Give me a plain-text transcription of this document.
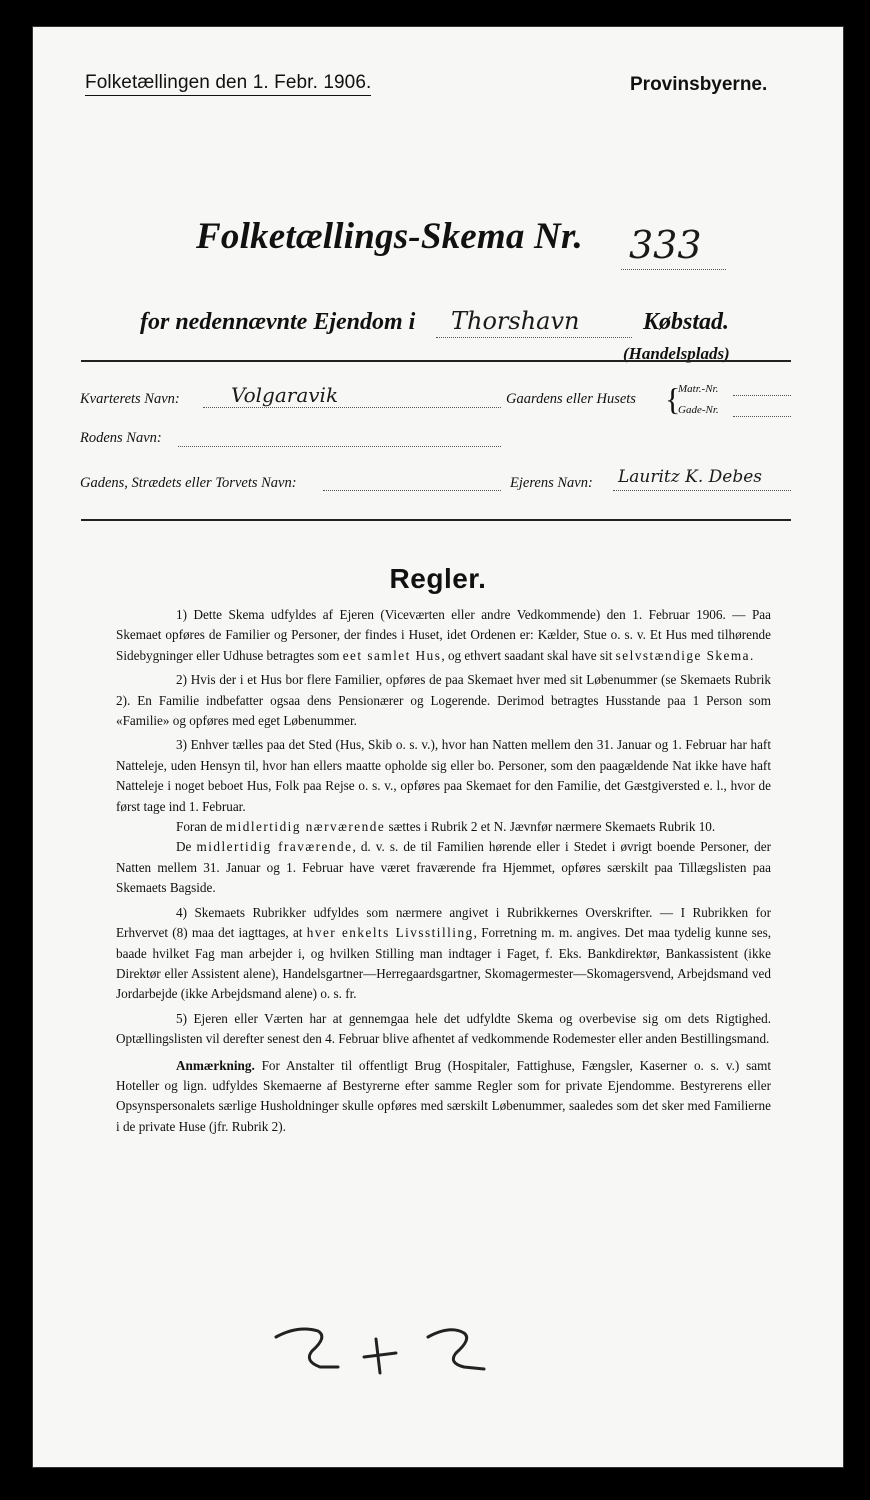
Folketællingen den 1. Febr. 1906.	Provinsbyerne.
Folketællings-Skema Nr. 333
for nedennævnte Ejendom i Thorshavn	Købstad.
(Handelsplads)
Kvarterets Navn:	Volgaravik	Gaardens eller Husets {
Matr.-Nr.
Gade-Nr.
Rodens Navn:
Gadens, Strædets eller Torvets Navn:	Ejerens Navn: Lauritz K. Debes
Regler.

1) Dette Skema udfyldes af Ejeren (Viceværten eller andre Vedkommende) den 1. Februar 1906. — Paa Skemaet opføres de Familier og Personer, der findes i Huset, idet Ordenen er: Kælder, Stue o. s. v. Et Hus med tilhørende Sidebygninger eller Udhuse betragtes som eet samlet Hus, og ethvert saadant skal have sit selvstændige Skema.

2) Hvis der i et Hus bor flere Familier, opføres de paa Skemaet hver med sit Løbenummer (se Skemaets Rubrik 2). En Familie indbefatter ogsaa dens Pensionærer og Logerende. Derimod betragtes Husstande paa 1 Person som «Familie» og opføres med eget Løbenummer.

3) Enhver tælles paa det Sted (Hus, Skib o. s. v.), hvor han Natten mellem den 31. Januar og 1. Februar har haft Natteleje, uden Hensyn til, hvor han ellers maatte opholde sig eller bo. Personer, som den paagældende Nat ikke have haft Natteleje i noget beboet Hus, Folk paa Rejse o. s. v., opføres paa Skemaet for den Familie, det Gæstgiversted e. l., hvor de først tage ind 1. Februar.

Foran de midlertidig nærværende sættes i Rubrik 2 et N. Jævnfør nærmere Skemaets Rubrik 10.

De midlertidig fraværende, d. v. s. de til Familien hørende eller i Stedet i øvrigt boende Personer, der Natten mellem 31. Januar og 1. Februar have været fraværende fra Hjemmet, opføres særskilt paa Tillægslisten paa Skemaets Bagside.

4) Skemaets Rubrikker udfyldes som nærmere angivet i Rubrikkernes Overskrifter. — I Rubrikken for Erhvervet (8) maa det iagttages, at hver enkelts Livsstilling, Forretning m. m. angives. Det maa tydelig kunne ses, baade hvilket Fag man arbejder i, og hvilken Stilling man indtager i Faget, f. Eks. Bankdirektør, Bankassistent (ikke Direktør eller Assistent alene), Handelsgartner—Herregaardsgartner, Skomagermester—Skomagersvend, Arbejdsmand ved Jordarbejde (ikke Arbejdsmand alene) o. s. fr.

5) Ejeren eller Værten har at gennemgaa hele det udfyldte Skema og overbevise sig om dets Rigtighed. Optællingslisten vil derefter senest den 4. Februar blive afhentet af vedkommende Rodemester eller anden Bestillingsmand.

Anmærkning. For Anstalter til offentligt Brug (Hospitaler, Fattighuse, Fængsler, Kaserner o. s. v.) samt Hoteller og lign. udfyldes Skemaerne af Bestyrerne efter samme Regler som for private Ejendomme. Bestyrerens eller Opsynspersonalets særlige Husholdninger skulle opføres med særskilt Løbenummer, saaledes som det sker med Familierne i de private Huse (jfr. Rubrik 2).
